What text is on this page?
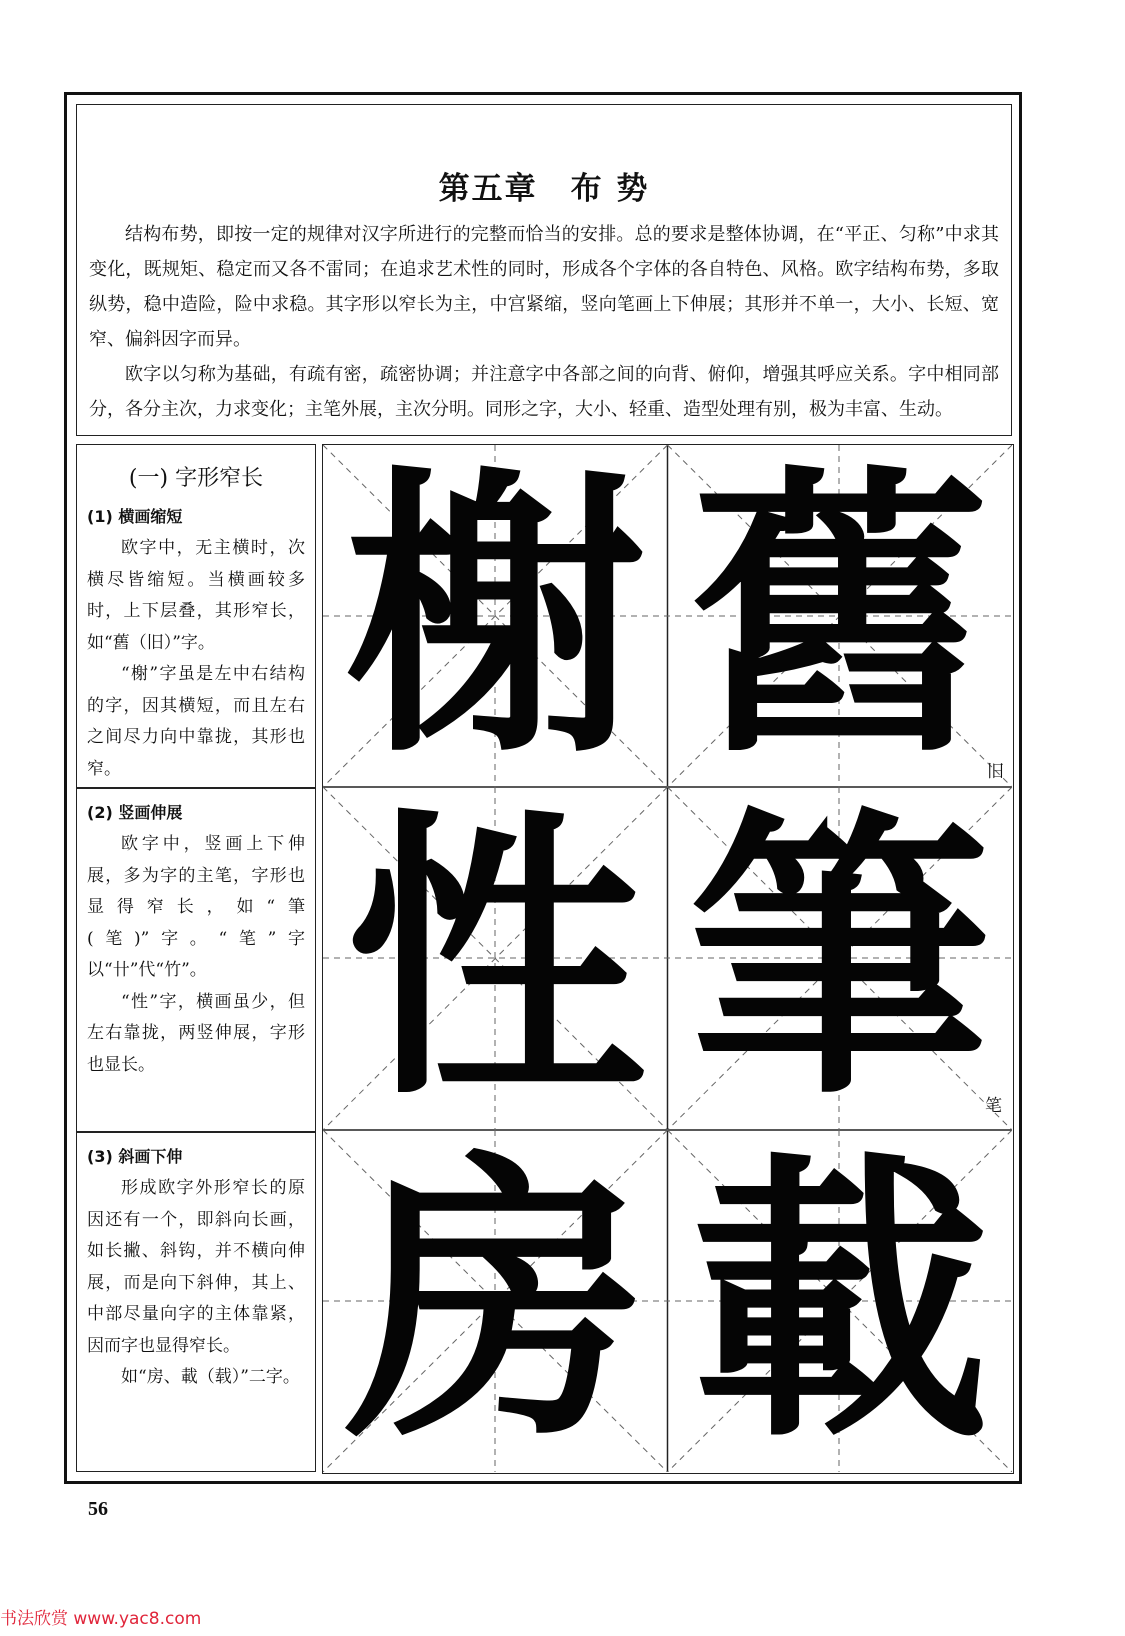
第五章　布 势

结构布势，即按一定的规律对汉字所进行的完整而恰当的安排。总的要求是整体协调，在“平正、匀称”中求其变化，既规矩、稳定而又各不雷同；在追求艺术性的同时，形成各个字体的各自特色、风格。欧字结构布势，多取纵势，稳中造险，险中求稳。其字形以窄长为主，中宫紧缩，竖向笔画上下伸展；其形并不单一，大小、长短、宽窄、偏斜因字而异。

欧字以匀称为基础，有疏有密，疏密协调；并注意字中各部之间的向背、俯仰，增强其呼应关系。字中相同部分，各分主次，力求变化；主笔外展，主次分明。同形之字，大小、轻重、造型处理有别，极为丰富、生动。

(一) 字形窄长

(1) 横画缩短

欧字中，无主横时，次横尽皆缩短。当横画较多时，上下层叠，其形窄长，如“舊（旧）”字。

“榭”字虽是左中右结构的字，因其横短，而且左右之间尽力向中靠拢，其形也窄。

(2) 竖画伸展

欧字中，竖画上下伸展，多为字的主笔，字形也显得窄长，如“筆(笔)”字。“笔”字以“卄”代“竹”。

“性”字，横画虽少，但左右靠拢，两竖伸展，字形也显长。

(3) 斜画下伸

形成欧字外形窄长的原因还有一个，即斜向长画，如长撇、斜钩，并不横向伸展，而是向下斜伸，其上、中部尽量向字的主体靠紧，因而字也显得窄长。

如“房、載（载）”二字。

榭 舊
旧
性 筆
笔
房 載
56
书法欣赏 www.yac8.com
